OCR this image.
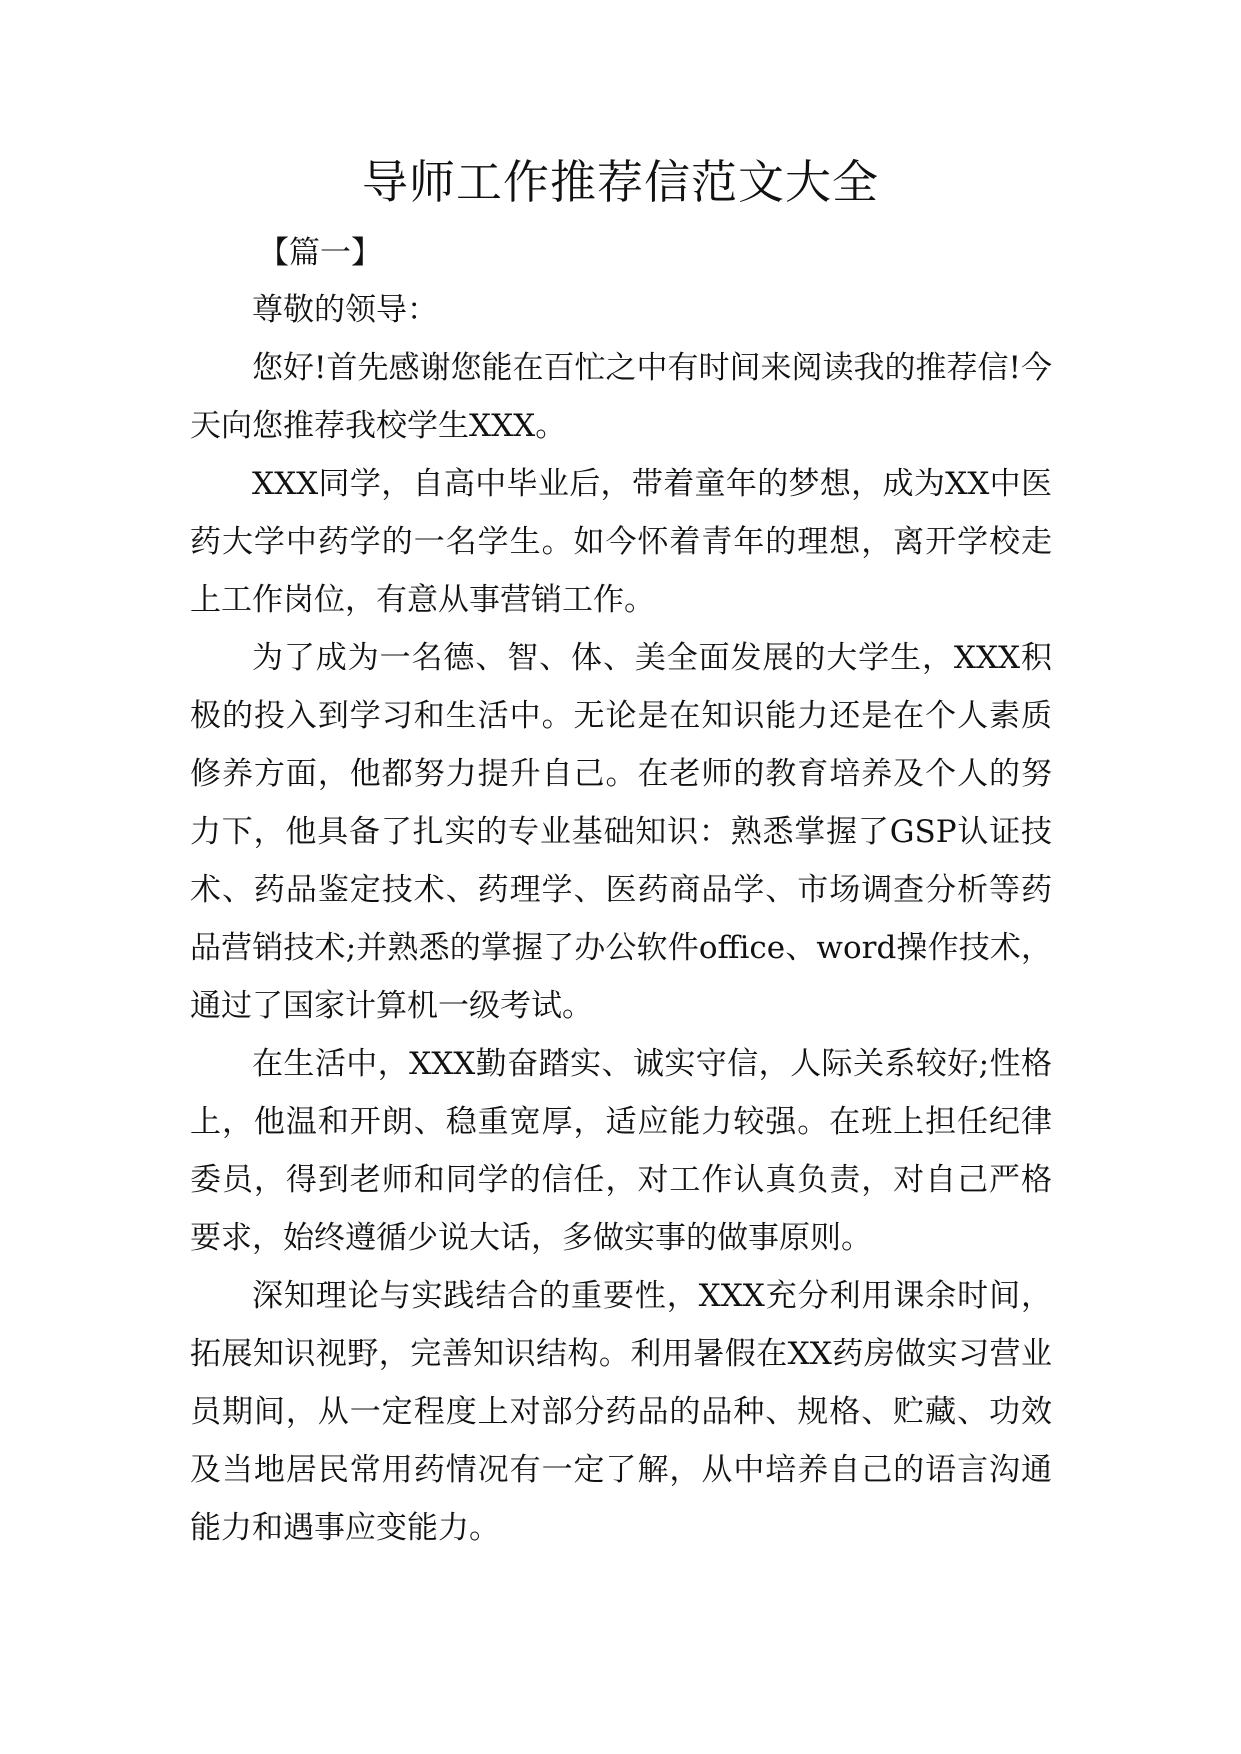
导师工作推荐信范文大全
【篇一】

尊敬的领导：

您好!首先感谢您能在百忙之中有时间来阅读我的推荐信!今天向您推荐我校学生XXX。

XXX同学，自高中毕业后，带着童年的梦想，成为XX中医药大学中药学的一名学生。如今怀着青年的理想，离开学校走上工作岗位，有意从事营销工作。

为了成为一名德、智、体、美全面发展的大学生，XXX积极的投入到学习和生活中。无论是在知识能力还是在个人素质修养方面，他都努力提升自己。在老师的教育培养及个人的努力下，他具备了扎实的专业基础知识：熟悉掌握了GSP认证技术、药品鉴定技术、药理学、医药商品学、市场调查分析等药品营销技术;并熟悉的掌握了办公软件office、word操作技术，通过了国家计算机一级考试。

在生活中，XXX勤奋踏实、诚实守信，人际关系较好;性格上，他温和开朗、稳重宽厚，适应能力较强。在班上担任纪律委员，得到老师和同学的信任，对工作认真负责，对自己严格要求，始终遵循少说大话，多做实事的做事原则。

深知理论与实践结合的重要性，XXX充分利用课余时间，拓展知识视野，完善知识结构。利用暑假在XX药房做实习营业员期间，从一定程度上对部分药品的品种、规格、贮藏、功效及当地居民常用药情况有一定了解，从中培养自己的语言沟通能力和遇事应变能力。
